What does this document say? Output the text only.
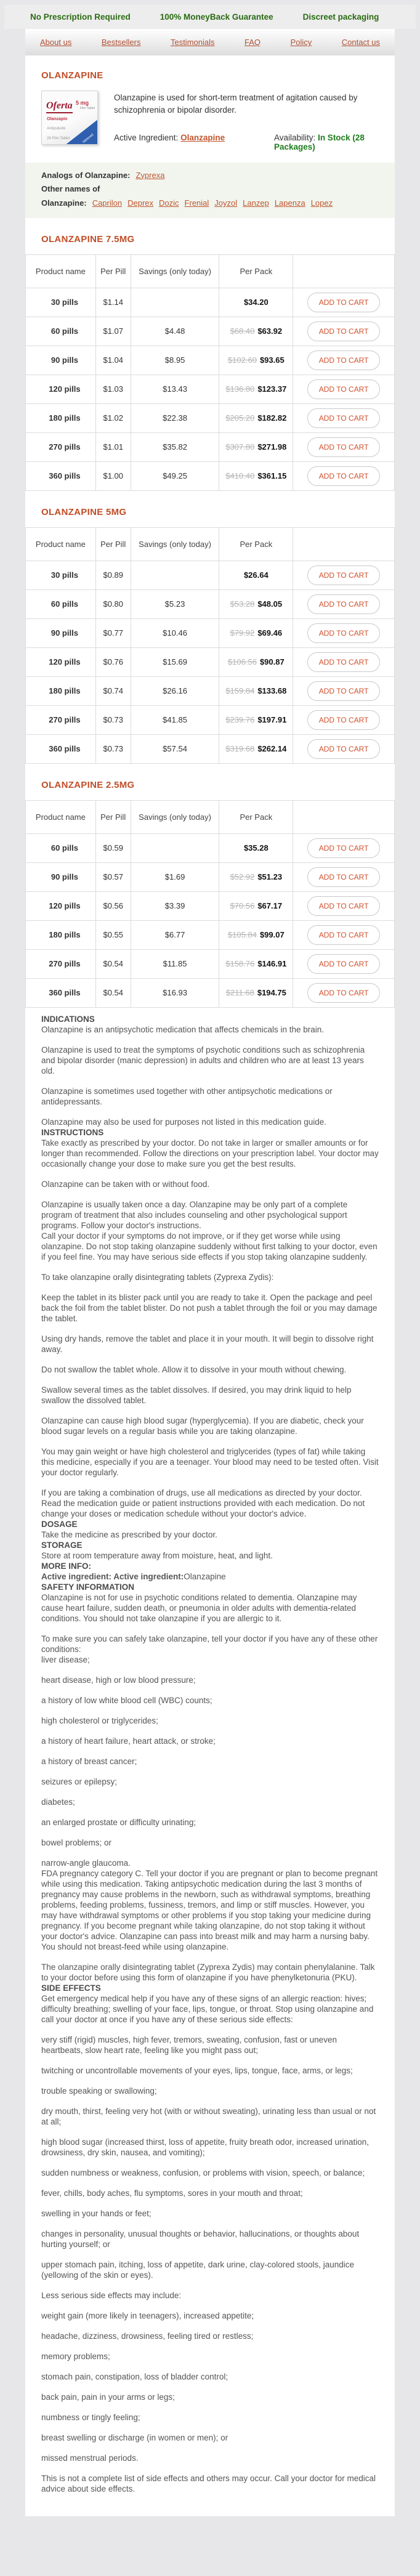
No Prescription Required	100% MoneyBack Guarantee	Discreet packaging
About us	Bestsellers	Testimonials	FAQ	Policy	Contact us
OLANZAPINE
Oferta 5 mg
Film Tablet
Olanzapin
Antipsikotik
28 Film Tablet	sanovel

Olanzapine is used for short-term treatment of agitation caused by schizophrenia or bipolar disorder.

Active Ingredient: Olanzapine	Availability: In Stock (28 Packages)
Analogs of Olanzapine: Zyprexa
Other names of Olanzapine: Caprilon Deprex Dozic Frenial Joyzol Lanzep Lapenza Lopez
OLANZAPINE 7.5MG
Product name	Per Pill	Savings (only today)	Per Pack	
30 pills	$1.14		$34.20	ADD TO CART
60 pills	$1.07	$4.48	$68.40 $63.92	ADD TO CART
90 pills	$1.04	$8.95	$102.60 $93.65	ADD TO CART
120 pills	$1.03	$13.43	$136.80 $123.37	ADD TO CART
180 pills	$1.02	$22.38	$205.20 $182.82	ADD TO CART
270 pills	$1.01	$35.82	$307.80 $271.98	ADD TO CART
360 pills	$1.00	$49.25	$410.40 $361.15	ADD TO CART
OLANZAPINE 5MG
Product name	Per Pill	Savings (only today)	Per Pack	
30 pills	$0.89		$26.64	ADD TO CART
60 pills	$0.80	$5.23	$53.28 $48.05	ADD TO CART
90 pills	$0.77	$10.46	$79.92 $69.46	ADD TO CART
120 pills	$0.76	$15.69	$106.56 $90.87	ADD TO CART
180 pills	$0.74	$26.16	$159.84 $133.68	ADD TO CART
270 pills	$0.73	$41.85	$239.76 $197.91	ADD TO CART
360 pills	$0.73	$57.54	$319.68 $262.14	ADD TO CART
OLANZAPINE 2.5MG
Product name	Per Pill	Savings (only today)	Per Pack	
60 pills	$0.59		$35.28	ADD TO CART
90 pills	$0.57	$1.69	$52.92 $51.23	ADD TO CART
120 pills	$0.56	$3.39	$70.56 $67.17	ADD TO CART
180 pills	$0.55	$6.77	$105.84 $99.07	ADD TO CART
270 pills	$0.54	$11.85	$158.76 $146.91	ADD TO CART
360 pills	$0.54	$16.93	$211.68 $194.75	ADD TO CART
INDICATIONS
Olanzapine is an antipsychotic medication that affects chemicals in the brain.
Olanzapine is used to treat the symptoms of psychotic conditions such as schizophrenia and bipolar disorder (manic depression) in adults and children who are at least 13 years old.
Olanzapine is sometimes used together with other antipsychotic medications or antidepressants.
Olanzapine may also be used for purposes not listed in this medication guide.
INSTRUCTIONS
Take exactly as prescribed by your doctor. Do not take in larger or smaller amounts or for longer than recommended. Follow the directions on your prescription label. Your doctor may occasionally change your dose to make sure you get the best results.
Olanzapine can be taken with or without food.
Olanzapine is usually taken once a day. Olanzapine may be only part of a complete program of treatment that also includes counseling and other psychological support programs. Follow your doctor's instructions.
Call your doctor if your symptoms do not improve, or if they get worse while using olanzapine. Do not stop taking olanzapine suddenly without first talking to your doctor, even if you feel fine. You may have serious side effects if you stop taking olanzapine suddenly.
To take olanzapine orally disintegrating tablets (Zyprexa Zydis):
Keep the tablet in its blister pack until you are ready to take it. Open the package and peel back the foil from the tablet blister. Do not push a tablet through the foil or you may damage the tablet.
Using dry hands, remove the tablet and place it in your mouth. It will begin to dissolve right away.
Do not swallow the tablet whole. Allow it to dissolve in your mouth without chewing.
Swallow several times as the tablet dissolves. If desired, you may drink liquid to help swallow the dissolved tablet.
Olanzapine can cause high blood sugar (hyperglycemia). If you are diabetic, check your blood sugar levels on a regular basis while you are taking olanzapine.
You may gain weight or have high cholesterol and triglycerides (types of fat) while taking this medicine, especially if you are a teenager. Your blood may need to be tested often. Visit your doctor regularly.
If you are taking a combination of drugs, use all medications as directed by your doctor. Read the medication guide or patient instructions provided with each medication. Do not change your doses or medication schedule without your doctor's advice.
DOSAGE
Take the medicine as prescribed by your doctor.
STORAGE
Store at room temperature away from moisture, heat, and light.
MORE INFO:
Active ingredient: Active ingredient:Olanzapine
SAFETY INFORMATION
Olanzapine is not for use in psychotic conditions related to dementia. Olanzapine may cause heart failure, sudden death, or pneumonia in older adults with dementia-related conditions. You should not take olanzapine if you are allergic to it.
To make sure you can safely take olanzapine, tell your doctor if you have any of these other conditions:
liver disease;
heart disease, high or low blood pressure;
a history of low white blood cell (WBC) counts;
high cholesterol or triglycerides;
a history of heart failure, heart attack, or stroke;
a history of breast cancer;
seizures or epilepsy;
diabetes;
an enlarged prostate or difficulty urinating;
bowel problems; or
narrow-angle glaucoma.
FDA pregnancy category C. Tell your doctor if you are pregnant or plan to become pregnant while using this medication. Taking antipsychotic medication during the last 3 months of pregnancy may cause problems in the newborn, such as withdrawal symptoms, breathing problems, feeding problems, fussiness, tremors, and limp or stiff muscles. However, you may have withdrawal symptoms or other problems if you stop taking your medicine during pregnancy. If you become pregnant while taking olanzapine, do not stop taking it without your doctor's advice. Olanzapine can pass into breast milk and may harm a nursing baby. You should not breast-feed while using olanzapine.
The olanzapine orally disintegrating tablet (Zyprexa Zydis) may contain phenylalanine. Talk to your doctor before using this form of olanzapine if you have phenylketonuria (PKU).
SIDE EFFECTS
Get emergency medical help if you have any of these signs of an allergic reaction: hives; difficulty breathing; swelling of your face, lips, tongue, or throat. Stop using olanzapine and call your doctor at once if you have any of these serious side effects:
very stiff (rigid) muscles, high fever, tremors, sweating, confusion, fast or uneven heartbeats, slow heart rate, feeling like you might pass out;
twitching or uncontrollable movements of your eyes, lips, tongue, face, arms, or legs;
trouble speaking or swallowing;
dry mouth, thirst, feeling very hot (with or without sweating), urinating less than usual or not at all;
high blood sugar (increased thirst, loss of appetite, fruity breath odor, increased urination, drowsiness, dry skin, nausea, and vomiting);
sudden numbness or weakness, confusion, or problems with vision, speech, or balance;
fever, chills, body aches, flu symptoms, sores in your mouth and throat;
swelling in your hands or feet;
changes in personality, unusual thoughts or behavior, hallucinations, or thoughts about hurting yourself; or
upper stomach pain, itching, loss of appetite, dark urine, clay-colored stools, jaundice (yellowing of the skin or eyes).
Less serious side effects may include:
weight gain (more likely in teenagers), increased appetite;
headache, dizziness, drowsiness, feeling tired or restless;
memory problems;
stomach pain, constipation, loss of bladder control;
back pain, pain in your arms or legs;
numbness or tingly feeling;
breast swelling or discharge (in women or men); or
missed menstrual periods.
This is not a complete list of side effects and others may occur. Call your doctor for medical advice about side effects.
